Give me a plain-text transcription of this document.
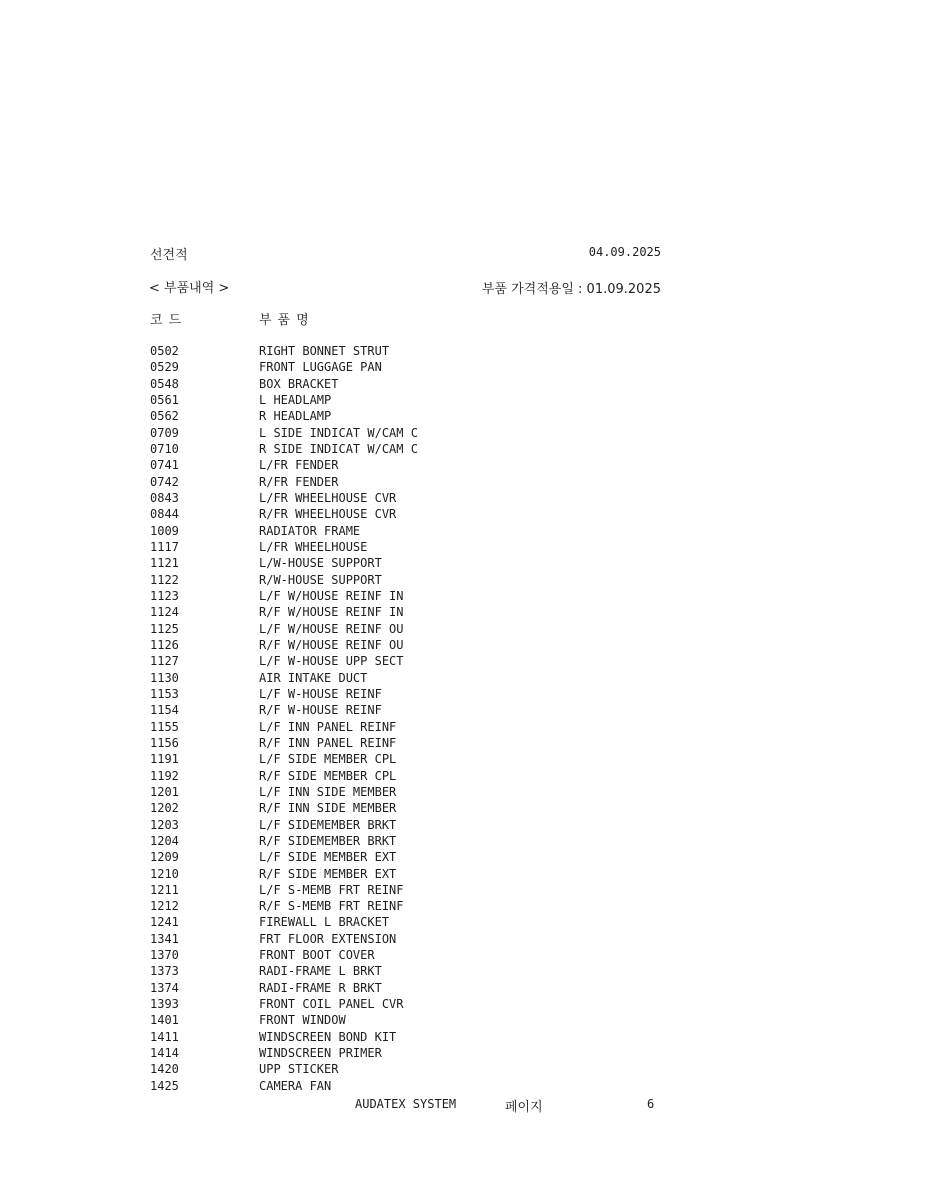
선견적	04.09.2025
< 부품내역 >	부품 가격적용일 : 01.09.2025
코드	부품명
0502	RIGHT BONNET STRUT
0529	FRONT LUGGAGE PAN
0548	BOX BRACKET
0561	L HEADLAMP
0562	R HEADLAMP
0709	L SIDE INDICAT W/CAM C
0710	R SIDE INDICAT W/CAM C
0741	L/FR FENDER
0742	R/FR FENDER
0843	L/FR WHEELHOUSE CVR
0844	R/FR WHEELHOUSE CVR
1009	RADIATOR FRAME
1117	L/FR WHEELHOUSE
1121	L/W-HOUSE SUPPORT
1122	R/W-HOUSE SUPPORT
1123	L/F W/HOUSE REINF IN
1124	R/F W/HOUSE REINF IN
1125	L/F W/HOUSE REINF OU
1126	R/F W/HOUSE REINF OU
1127	L/F W-HOUSE UPP SECT
1130	AIR INTAKE DUCT
1153	L/F W-HOUSE REINF
1154	R/F W-HOUSE REINF
1155	L/F INN PANEL REINF
1156	R/F INN PANEL REINF
1191	L/F SIDE MEMBER CPL
1192	R/F SIDE MEMBER CPL
1201	L/F INN SIDE MEMBER
1202	R/F INN SIDE MEMBER
1203	L/F SIDEMEMBER BRKT
1204	R/F SIDEMEMBER BRKT
1209	L/F SIDE MEMBER EXT
1210	R/F SIDE MEMBER EXT
1211	L/F S-MEMB FRT REINF
1212	R/F S-MEMB FRT REINF
1241	FIREWALL L BRACKET
1341	FRT FLOOR EXTENSION
1370	FRONT BOOT COVER
1373	RADI-FRAME L BRKT
1374	RADI-FRAME R BRKT
1393	FRONT COIL PANEL CVR
1401	FRONT WINDOW
1411	WINDSCREEN BOND KIT
1414	WINDSCREEN PRIMER
1420	UPP STICKER
1425	CAMERA FAN
AUDATEX SYSTEM	페이지	6
